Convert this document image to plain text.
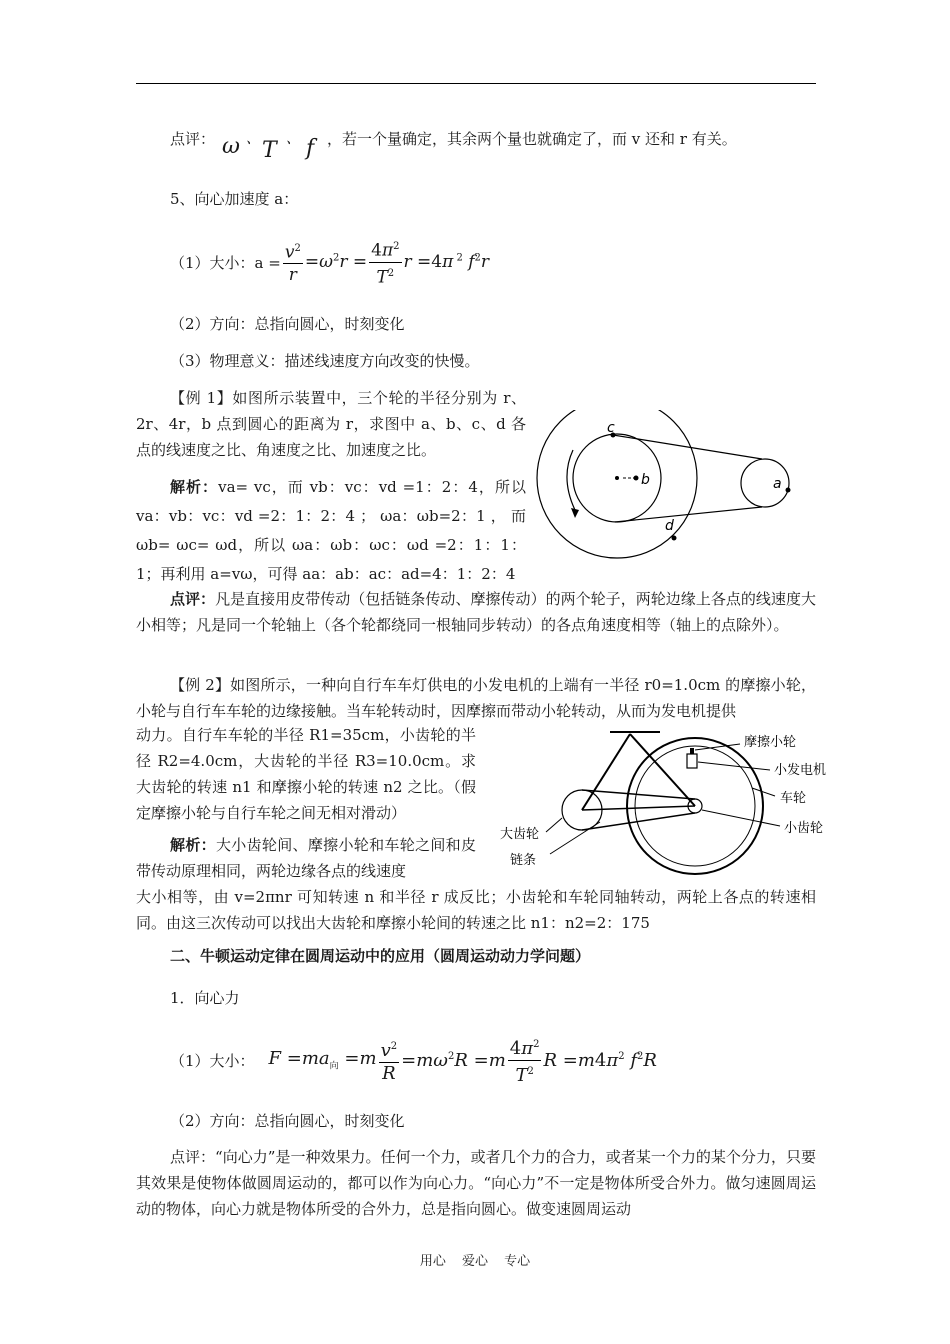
点评： ω 、 T 、 f ，若一个量确定，其余两个量也就确定了，而 v 还和 r 有关。
5、向心加速度 a：
（1）大小：$a = \frac{v^2}{r} =\omega^2r = \frac{4\pi^2}{T^2}$ r =4π $^2$ $f^2r$
（2）方向：总指向圆心，时刻变化
（3）物理意义：描述线速度方向改变的快慢。
【例 1】如图所示装置中，三个轮的半径分别为 r、2r、4r，b 点到圆心的距离为 r，求图中 a、b、c、d 各点的线速度之比、角速度之比、加速度之比。
解析：va= vc，而 vb：vc：vd =1：2：4，所以 va：vb：vc：vd =2：1：2：4 ； ωa：ωb=2：1 ， 而 ωb= ωc= ωd，所以 ωa：ωb：ωc：ωd =2：1：1：1；再利用 a=vω，可得 aa：ab：ac：ad=4：1：2：4
c
b	a
d
点评：凡是直接用皮带传动（包括链条传动、摩擦传动）的两个轮子，两轮边缘上各点的线速度大小相等；凡是同一个轮轴上（各个轮都绕同一根轴同步转动）的各点角速度相等（轴上的点除外）。
【例 2】如图所示，一种向自行车车灯供电的小发电机的上端有一半径 r0=1.0cm 的摩擦小轮，小轮与自行车车轮的边缘接触。当车轮转动时，因摩擦而带动小轮转动，从而为发电机提供
动力。自行车车轮的半径 R1=35cm，小齿轮的半径 R2=4.0cm，大齿轮的半径 R3=10.0cm。求大齿轮的转速 n1 和摩擦小轮的转速 n2 之比。（假定摩擦小轮与自行车轮之间无相对滑动）
解析：大小齿轮间、摩擦小轮和车轮之间和皮带传动原理相同，两轮边缘各点的线速度
大小相等，由 v=2πnr 可知转速 n 和半径 r 成反比；小齿轮和车轮同轴转动，两轮上各点的转速相同。由这三次传动可以找出大齿轮和摩擦小轮间的转速之比 n1：n2=2：175
摩擦小轮
小发电机
车轮
小齿轮
大齿轮
链条
二、牛顿运动定律在圆周运动中的应用（圆周运动动力学问题）
1．向心力
（1）大小： $F =ma_向 =m \frac{v^2}{R} =m\omega^2R =m \frac{4\pi^2}{T^2}$ $R =m4\pi^2$ $f^2R$
（2）方向：总指向圆心，时刻变化
点评：“向心力”是一种效果力。任何一个力，或者几个力的合力，或者某一个力的某个分力，只要其效果是使物体做圆周运动的，都可以作为向心力。“向心力”不一定是物体所受合外力。做匀速圆周运动的物体，向心力就是物体所受的合外力，总是指向圆心。做变速圆周运动
用心 爱心 专心
